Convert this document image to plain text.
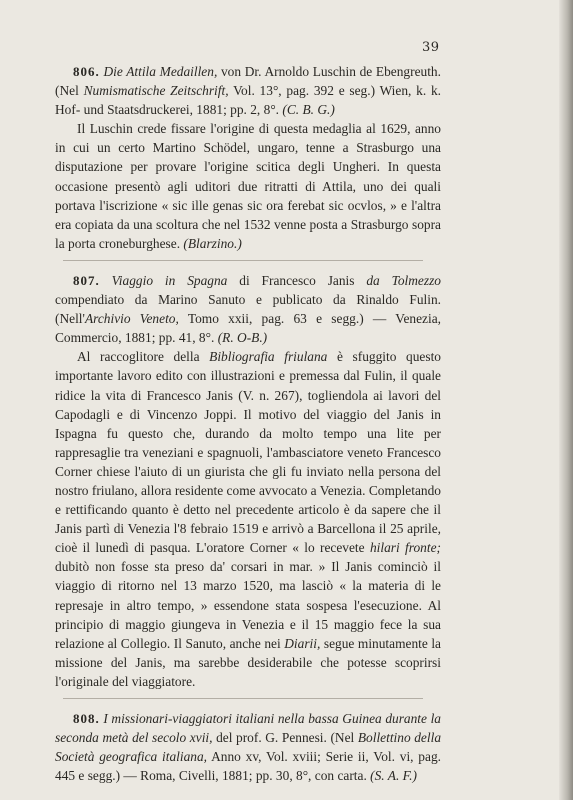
39

806. Die Attila Medaillen, von Dr. Arnoldo Luschin de Ebengreuth. (Nel Numismatische Zeitschrift, Vol. 13°, pag. 392 e seg.) Wien, k. k. Hof- und Staatsdruckerei, 1881; pp. 2, 8°. (C. B. G.)

Il Luschin crede fissare l'origine di questa medaglia al 1629, anno in cui un certo Martino Schödel, ungaro, tenne a Strasburgo una disputazione per provare l'origine scitica degli Ungheri. In questa occasione presentò agli uditori due ritratti di Attila, uno dei quali portava l'iscrizione « sic ille genas sic ora ferebat sic ocvlos, » e l'altra era copiata da una scoltura che nel 1532 venne posta a Strasburgo sopra la porta croneburghese. (Blarzino.)

807. Viaggio in Spagna di Francesco Janis da Tolmezzo compendiato da Marino Sanuto e publicato da Rinaldo Fulin. (Nell'Archivio Veneto, Tomo xxii, pag. 63 e segg.) — Venezia, Commercio, 1881; pp. 41, 8°. (R. O-B.)

Al raccoglitore della Bibliografia friulana è sfuggito questo importante lavoro edito con illustrazioni e premessa dal Fulin, il quale ridice la vita di Francesco Janis (V. n. 267), togliendola ai lavori del Capodagli e di Vincenzo Joppi. Il motivo del viaggio del Janis in Ispagna fu questo che, durando da molto tempo una lite per rappresaglie tra veneziani e spagnuoli, l'ambasciatore veneto Francesco Corner chiese l'aiuto di un giurista che gli fu inviato nella persona del nostro friulano, allora residente come avvocato a Venezia. Completando e rettificando quanto è detto nel precedente articolo è da sapere che il Janis partì di Venezia l'8 febraio 1519 e arrivò a Barcellona il 25 aprile, cioè il lunedì di pasqua. L'oratore Corner « lo recevete hilari fronte; dubitò non fosse sta preso da' corsari in mar. » Il Janis cominciò il viaggio di ritorno nel 13 marzo 1520, ma lasciò « la materia di le represaje in altro tempo, » essendone stata sospesa l'esecuzione. Al principio di maggio giungeva in Venezia e il 15 maggio fece la sua relazione al Collegio. Il Sanuto, anche nei Diarii, segue minutamente la missione del Janis, ma sarebbe desiderabile che potesse scoprirsi l'originale del viaggiatore.

808. I missionari-viaggiatori italiani nella bassa Guinea durante la seconda metà del secolo xvii, del prof. G. Pennesi. (Nel Bollettino della Società geografica italiana, Anno xv, Vol. xviii; Serie ii, Vol. vi, pag. 445 e segg.) — Roma, Civelli, 1881; pp. 30, 8°, con carta. (S. A. F.)
